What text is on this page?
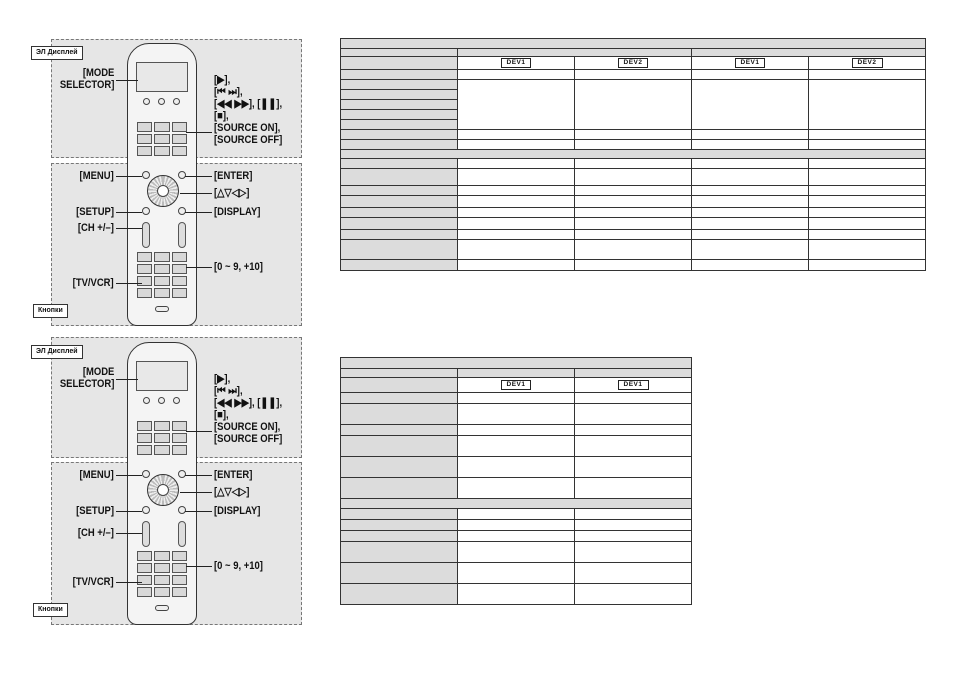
ЭЛ Дисплей
Кнопки
[MODE
SELECTOR]	[▶],
[⏮ ⏭],
[◀◀ ▶▶], [❚❚],
[■],
[SOURCE ON],
[SOURCE OFF]
[MENU]	[ENTER]
[△▽◁▷]
[SETUP]	[DISPLAY]
[CH +/–]
[0 ~ 9, +10]
[TV/VCR]
ЭЛ Дисплей
Кнопки
[MODE
SELECTOR]	[▶],
[⏮ ⏭],
[◀◀ ▶▶], [❚❚],
[■],
[SOURCE ON],
[SOURCE OFF]
[MENU]	[ENTER]
[△▽◁▷]
[SETUP]	[DISPLAY]
[CH +/–]
[0 ~ 9, +10]
[TV/VCR]

	DEV1	DEV2	DEV1	DEV2

	DEV1	DEV1
